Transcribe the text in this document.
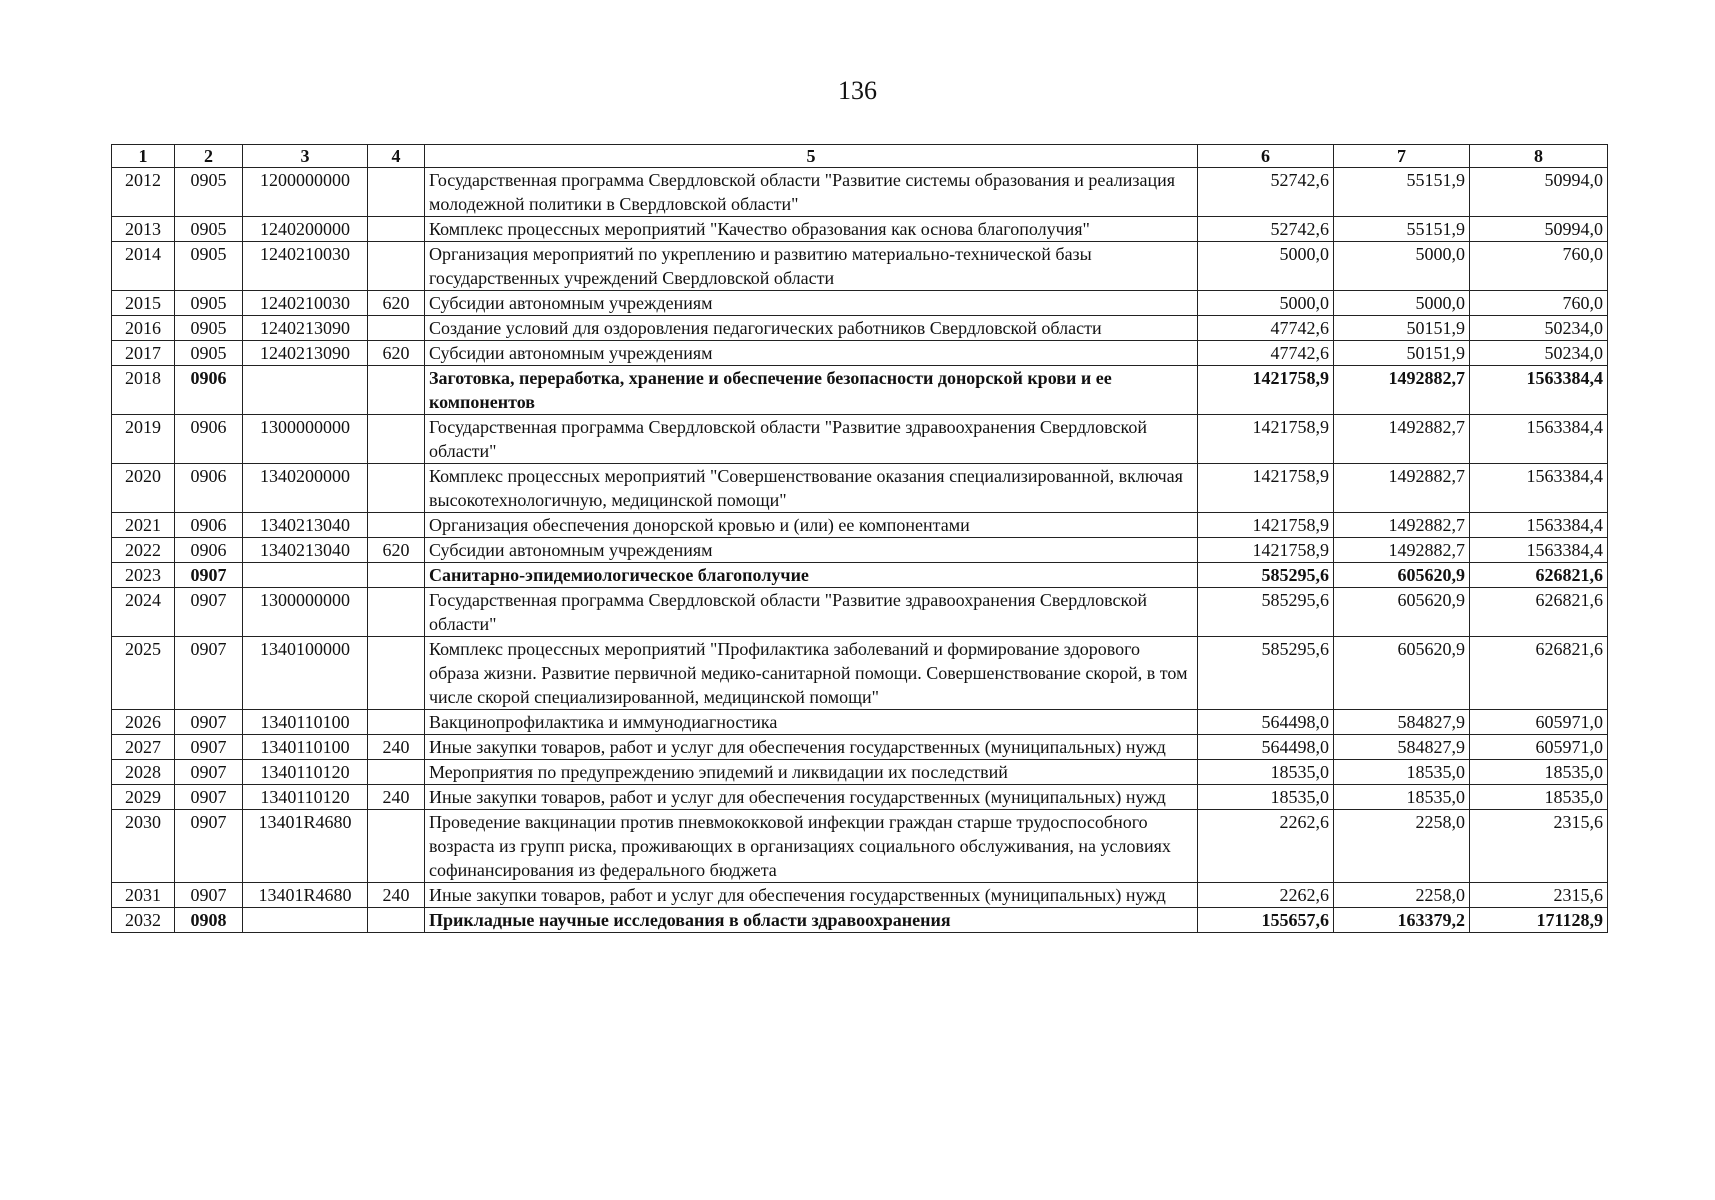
136
1	2	3	4	5	6	7	8
2012	0905	1200000000		Государственная программа Свердловской области "Развитие системы образования и реализация молодежной политики в Свердловской области"	52742,6	55151,9	50994,0
2013	0905	1240200000		Комплекс процессных мероприятий "Качество образования как основа благополучия"	52742,6	55151,9	50994,0
2014	0905	1240210030		Организация мероприятий по укреплению и развитию материально-технической базы государственных учреждений Свердловской области	5000,0	5000,0	760,0
2015	0905	1240210030	620	Субсидии автономным учреждениям	5000,0	5000,0	760,0
2016	0905	1240213090		Создание условий для оздоровления педагогических работников Свердловской области	47742,6	50151,9	50234,0
2017	0905	1240213090	620	Субсидии автономным учреждениям	47742,6	50151,9	50234,0
2018	0906			Заготовка, переработка, хранение и обеспечение безопасности донорской крови и ее компонентов	1421758,9	1492882,7	1563384,4
2019	0906	1300000000		Государственная программа Свердловской области "Развитие здравоохранения Свердловской области"	1421758,9	1492882,7	1563384,4
2020	0906	1340200000		Комплекс процессных мероприятий "Совершенствование оказания специализированной, включая высокотехнологичную, медицинской помощи"	1421758,9	1492882,7	1563384,4
2021	0906	1340213040		Организация обеспечения донорской кровью и (или) ее компонентами	1421758,9	1492882,7	1563384,4
2022	0906	1340213040	620	Субсидии автономным учреждениям	1421758,9	1492882,7	1563384,4
2023	0907			Санитарно-эпидемиологическое благополучие	585295,6	605620,9	626821,6
2024	0907	1300000000		Государственная программа Свердловской области "Развитие здравоохранения Свердловской области"	585295,6	605620,9	626821,6
2025	0907	1340100000		Комплекс процессных мероприятий "Профилактика заболеваний и формирование здорового образа жизни. Развитие первичной медико-санитарной помощи. Совершенствование скорой, в том числе скорой специализированной, медицинской помощи"	585295,6	605620,9	626821,6
2026	0907	1340110100		Вакцинопрофилактика и иммунодиагностика	564498,0	584827,9	605971,0
2027	0907	1340110100	240	Иные закупки товаров, работ и услуг для обеспечения государственных (муниципальных) нужд	564498,0	584827,9	605971,0
2028	0907	1340110120		Мероприятия по предупреждению эпидемий и ликвидации их последствий	18535,0	18535,0	18535,0
2029	0907	1340110120	240	Иные закупки товаров, работ и услуг для обеспечения государственных (муниципальных) нужд	18535,0	18535,0	18535,0
2030	0907	13401R4680		Проведение вакцинации против пневмококковой инфекции граждан старше трудоспособного возраста из групп риска, проживающих в организациях социального обслуживания, на условиях софинансирования из федерального бюджета	2262,6	2258,0	2315,6
2031	0907	13401R4680	240	Иные закупки товаров, работ и услуг для обеспечения государственных (муниципальных) нужд	2262,6	2258,0	2315,6
2032	0908			Прикладные научные исследования в области здравоохранения	155657,6	163379,2	171128,9
